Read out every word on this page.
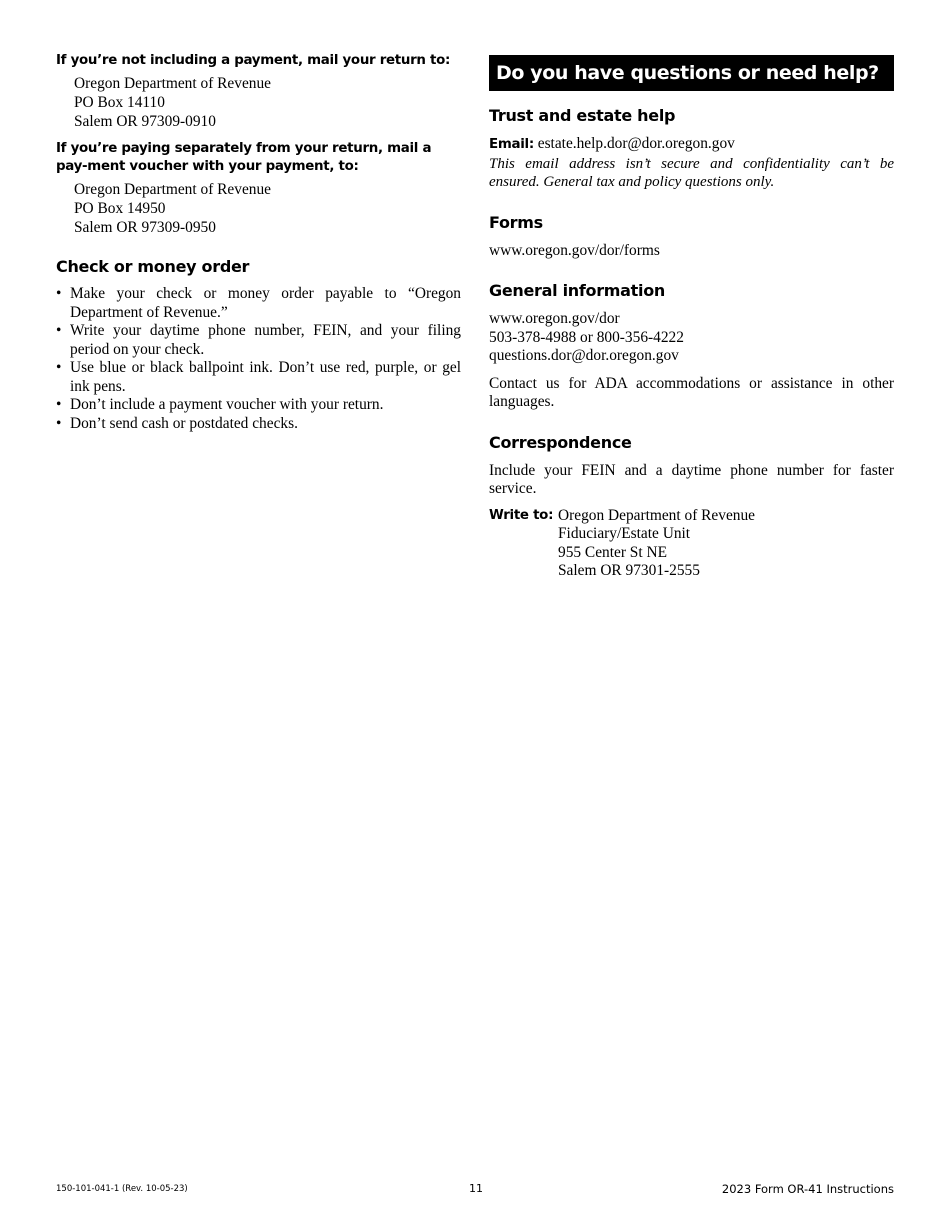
If you’re not including a payment, mail your return to:

Oregon Department of Revenue
PO Box 14110
Salem OR 97309-0910

If you’re paying separately from your return, mail a pay-ment voucher with your payment, to:

Oregon Department of Revenue
PO Box 14950
Salem OR 97309-0950
Check or money order
• Make your check or money order payable to “Oregon Department of Revenue.”
• Write your daytime phone number, FEIN, and your filing period on your check.
• Use blue or black ballpoint ink. Don’t use red, purple, or gel ink pens.
• Don’t include a payment voucher with your return.
• Don’t send cash or postdated checks.
Do you have questions or need help?
Trust and estate help
Email: estate.help.dor@dor.oregon.gov
This email address isn’t secure and confidentiality can’t be ensured. General tax and policy questions only.
Forms
www.oregon.gov/dor/forms
General information
www.oregon.gov/dor
503-378-4988 or 800-356-4222
questions.dor@dor.oregon.gov
Contact us for ADA accommodations or assistance in other languages.
Correspondence
Include your FEIN and a daytime phone number for faster service.
Write to: Oregon Department of Revenue
Fiduciary/Estate Unit
955 Center St NE
Salem OR 97301-2555
150-101-041-1 (Rev. 10-05-23)	11	2023 Form OR-41 Instructions
